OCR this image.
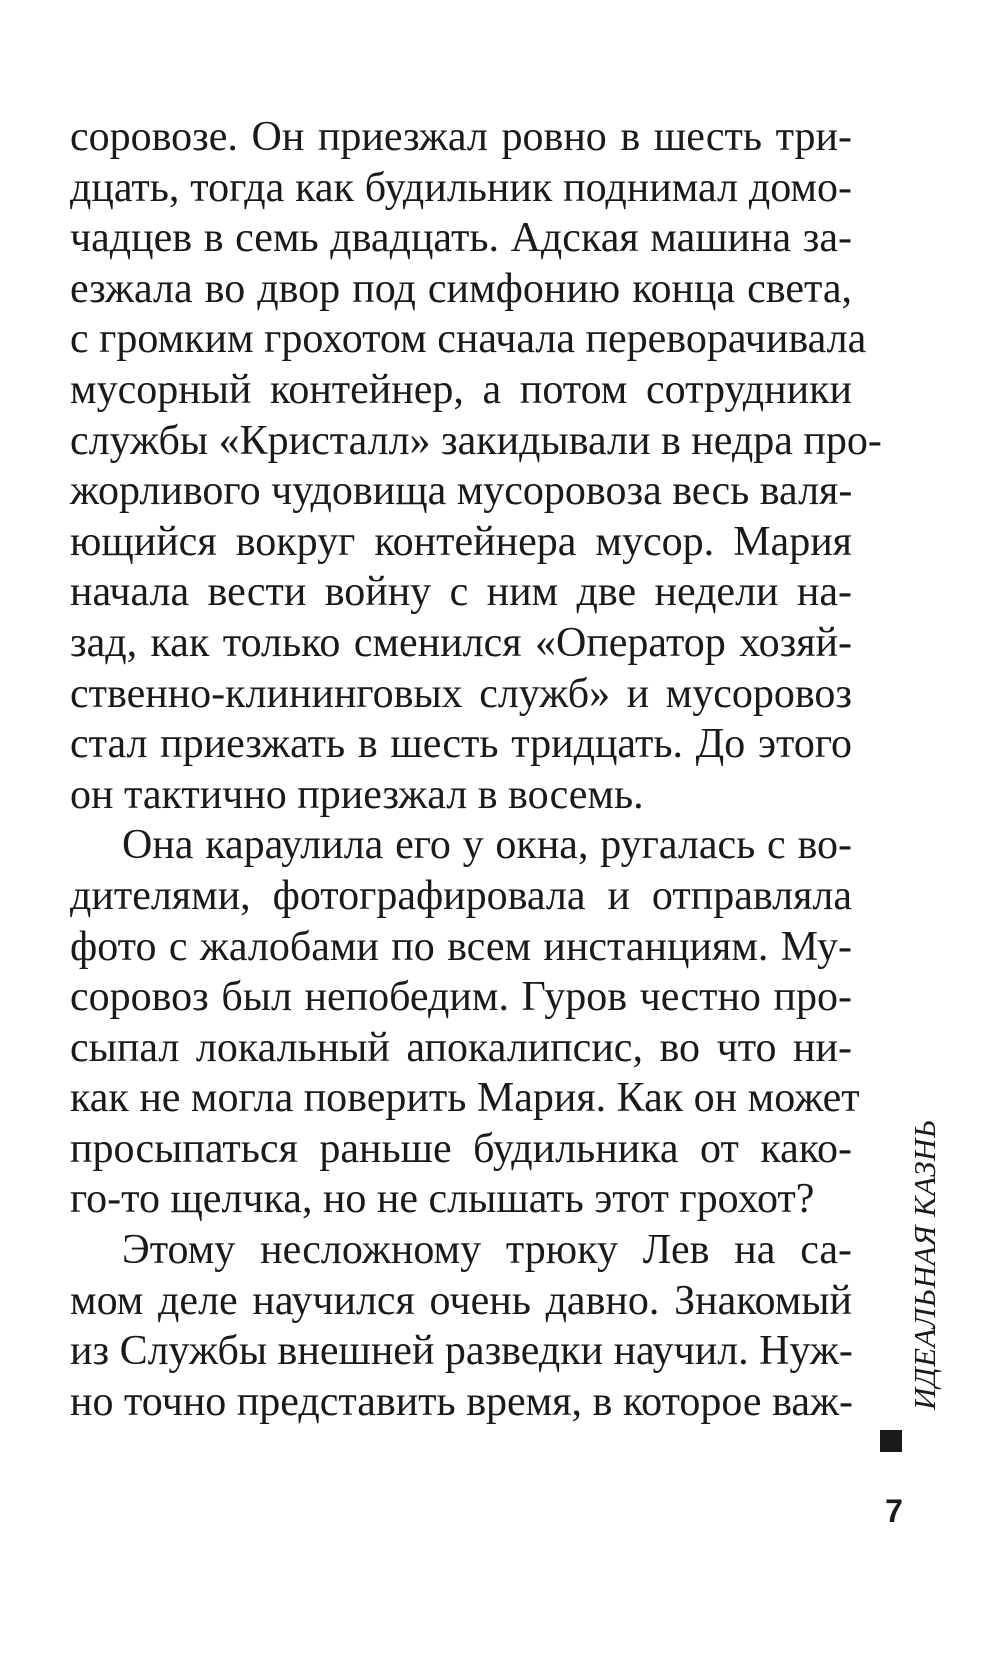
соровозе. Он приезжал ровно в шесть три-
дцать, тогда как будильник поднимал домо-
чадцев в семь двадцать. Адская машина за-
езжала во двор под симфонию конца света,
с громким грохотом сначала переворачивала
мусорный контейнер, а потом сотрудники
службы «Кристалл» закидывали в недра про-
жорливого чудовища мусоровоза весь валя-
ющийся вокруг контейнера мусор. Мария
начала вести войну с ним две недели на-
зад, как только сменился «Оператор хозяй-
ственно-клининговых служб» и мусоровоз
стал приезжать в шесть тридцать. До этого
он тактично приезжал в восемь.
Она караулила его у окна, ругалась с во-
дителями, фотографировала и отправляла
фото с жалобами по всем инстанциям. Му-
соровоз был непобедим. Гуров честно про-
сыпал локальный апокалипсис, во что ни-
как не могла поверить Мария. Как он может
просыпаться раньше будильника от како-
го-то щелчка, но не слышать этот грохот?
Этому несложному трюку Лев на са-
мом деле научился очень давно. Знакомый
из Службы внешней разведки научил. Нуж-
но точно представить время, в которое важ- ИДЕАЛЬНАЯ КАЗНЬ
7
